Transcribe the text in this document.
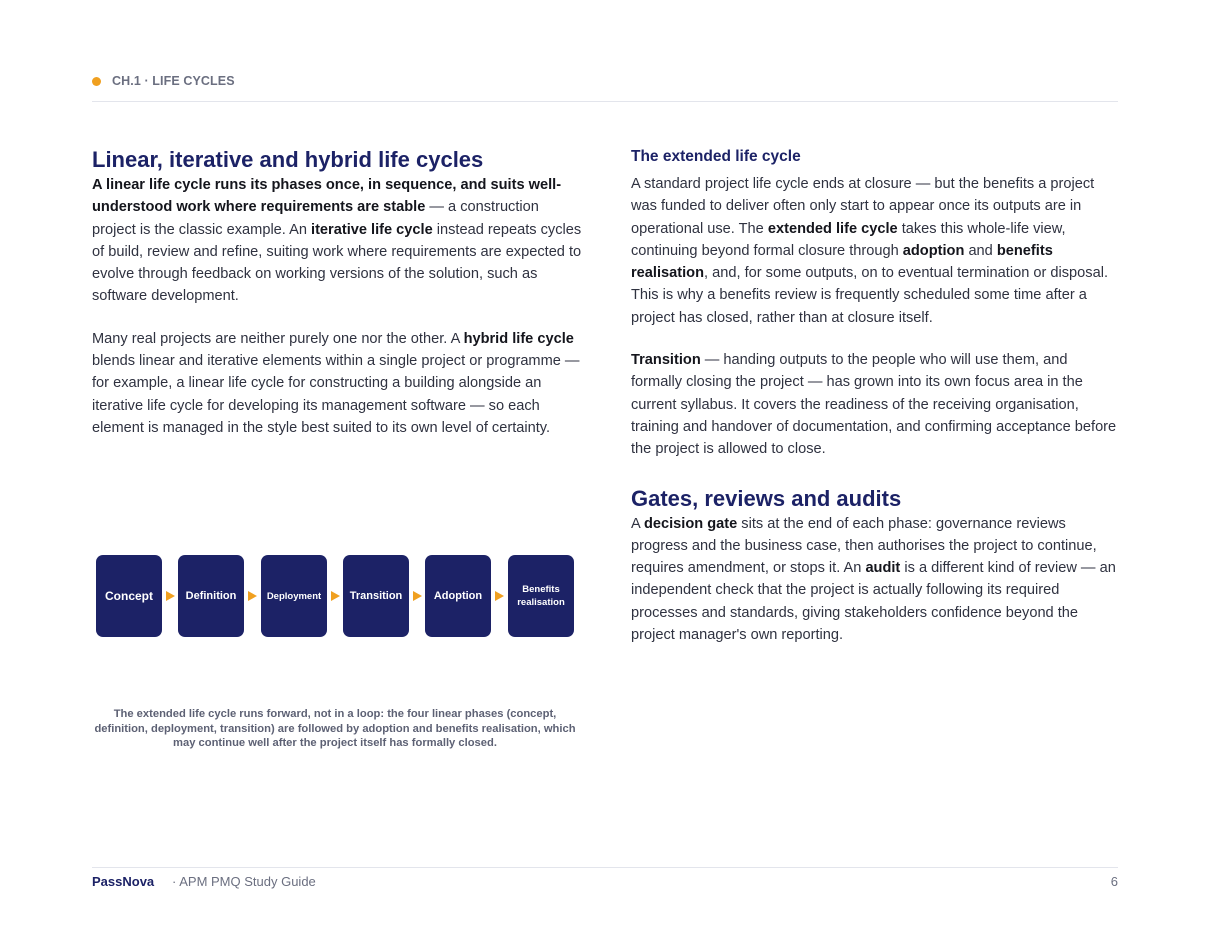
CH.1 · LIFE CYCLES
Linear, iterative and hybrid life cycles

A linear life cycle runs its phases once, in sequence, and suits well-understood work where requirements are stable — a construction project is the classic example. An iterative life cycle instead repeats cycles of build, review and refine, suiting work where requirements are expected to evolve through feedback on working versions of the solution, such as software development.

Many real projects are neither purely one nor the other. A hybrid life cycle blends linear and iterative elements within a single project or programme — for example, a linear life cycle for constructing a building alongside an iterative life cycle for developing its management software — so each element is managed in the style best suited to its own level of certainty.

Concept	Definition	Deployment	Transition	Adoption	Benefits realisation
The extended life cycle runs forward, not in a loop: the four linear phases (concept, definition, deployment, transition) are followed by adoption and benefits realisation, which may continue well after the project itself has formally closed.
The extended life cycle

A standard project life cycle ends at closure — but the benefits a project was funded to deliver often only start to appear once its outputs are in operational use. The extended life cycle takes this whole-life view, continuing beyond formal closure through adoption and benefits realisation, and, for some outputs, on to eventual termination or disposal. This is why a benefits review is frequently scheduled some time after a project has closed, rather than at closure itself.

Transition — handing outputs to the people who will use them, and formally closing the project — has grown into its own focus area in the current syllabus. It covers the readiness of the receiving organisation, training and handover of documentation, and confirming acceptance before the project is allowed to close.

Gates, reviews and audits

A decision gate sits at the end of each phase: governance reviews progress and the business case, then authorises the project to continue, requires amendment, or stops it. An audit is a different kind of review — an independent check that the project is actually following its required processes and standards, giving stakeholders confidence beyond the project manager's own reporting.

PassNova · APM PMQ Study Guide	6
